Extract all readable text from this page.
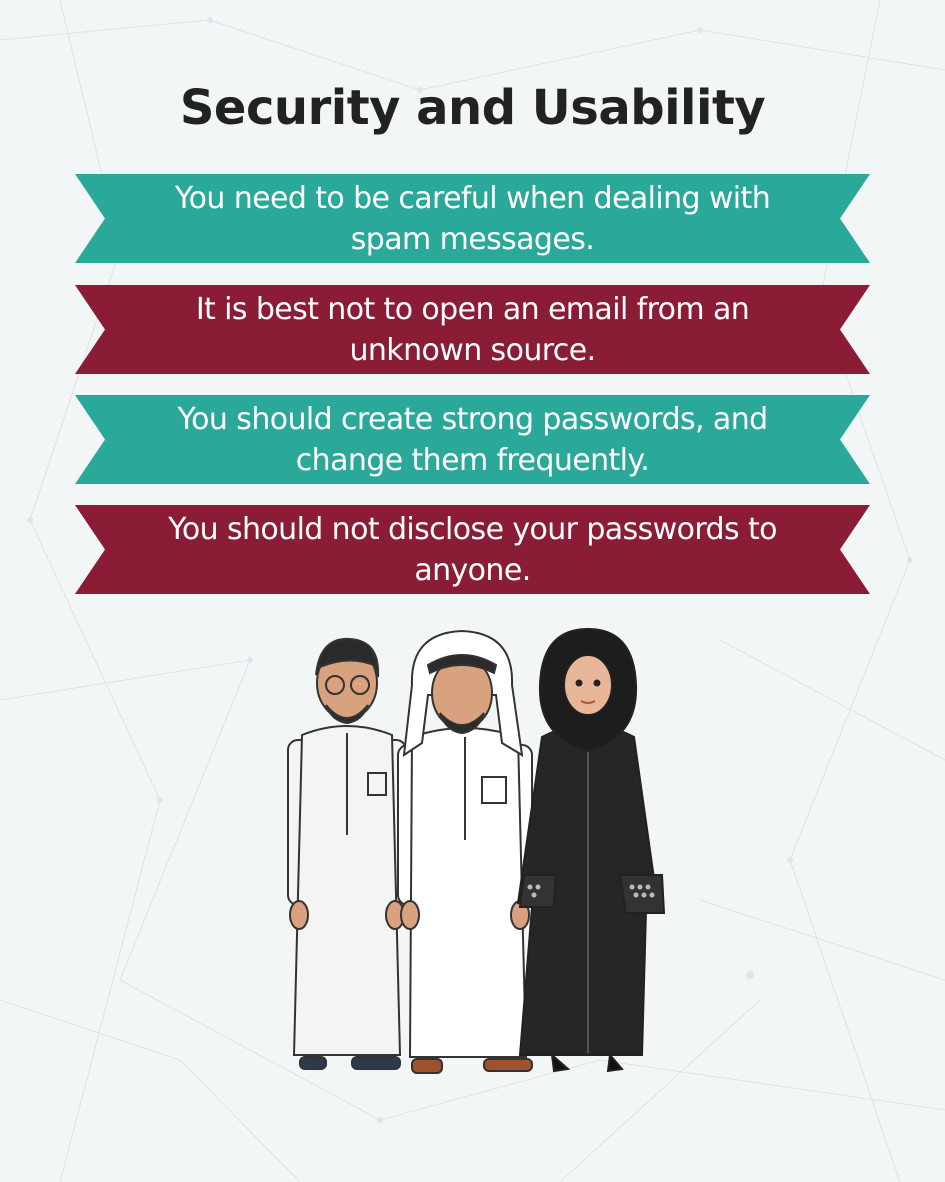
Security and Usability
You need to be careful when dealing with spam messages.
It is best not to open an email from an unknown source.
You should create strong passwords, and change them frequently.
You should not disclose your passwords to anyone.
